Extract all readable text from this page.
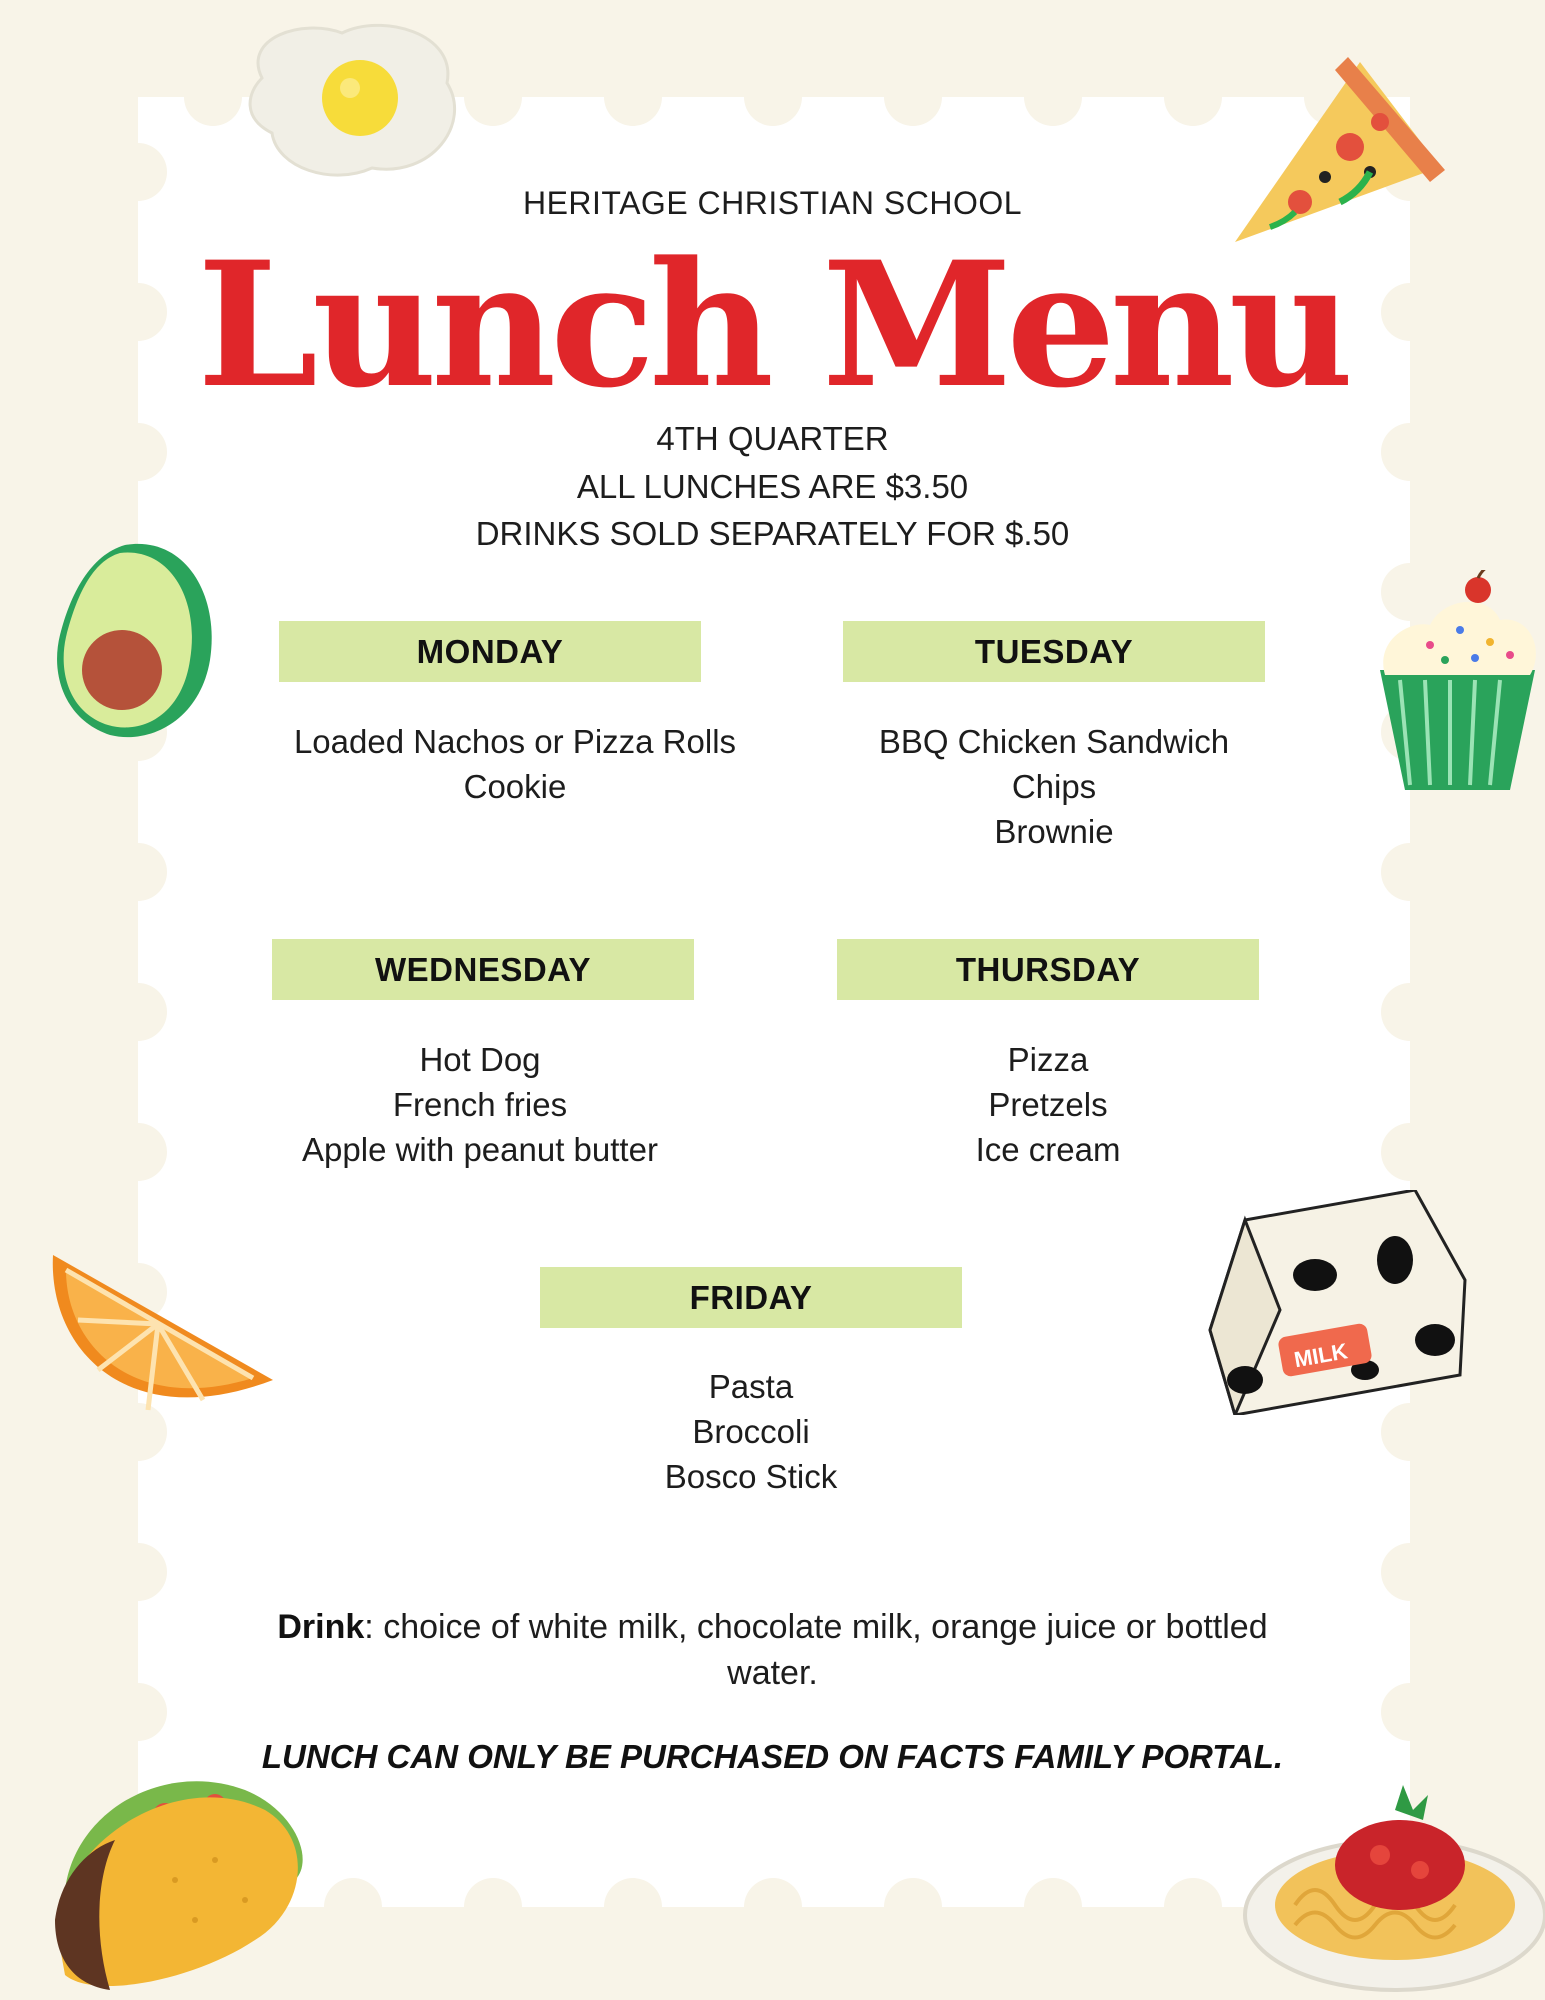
MILK
HERITAGE CHRISTIAN SCHOOL
Lunch Menu
4TH QUARTER
ALL LUNCHES ARE $3.50
DRINKS SOLD SEPARATELY FOR $.50
MONDAY
Loaded Nachos or Pizza Rolls
Cookie
TUESDAY
BBQ Chicken Sandwich
Chips
Brownie
WEDNESDAY
Hot Dog
French fries
Apple with peanut butter
THURSDAY
Pizza
Pretzels
Ice cream
FRIDAY
Pasta
Broccoli
Bosco Stick
Drink: choice of white milk, chocolate milk, orange juice or bottled water.
LUNCH CAN ONLY BE PURCHASED ON FACTS FAMILY PORTAL.
